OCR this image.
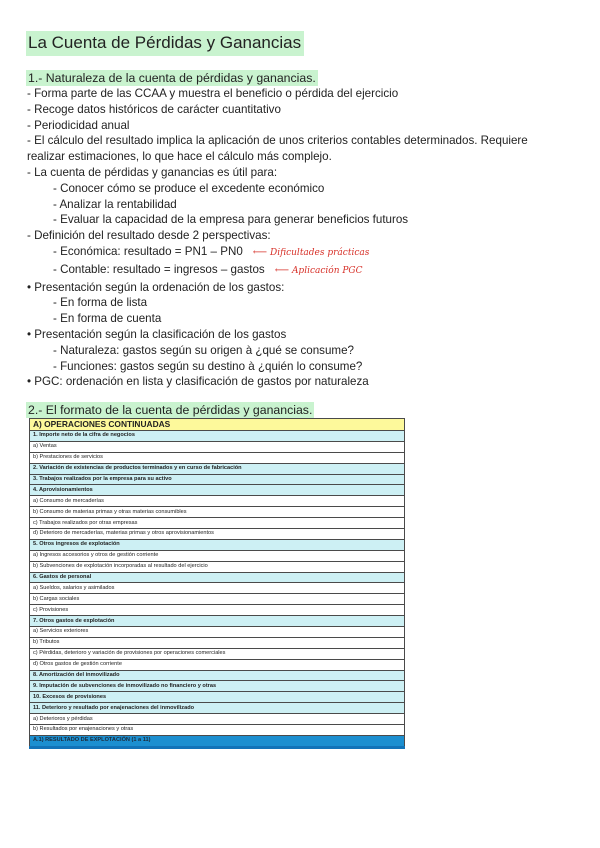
La Cuenta de Pérdidas y Ganancias
1.- Naturaleza de la cuenta de pérdidas y ganancias.
- Forma parte de las CCAA y muestra el beneficio o pérdida del ejercicio
- Recoge datos históricos de carácter cuantitativo
- Periodicidad anual
- El cálculo del resultado implica la aplicación de unos criterios contables determinados. Requiere realizar estimaciones, lo que hace el cálculo más complejo.
- La cuenta de pérdidas y ganancias es útil para:
- Conocer cómo se produce el excedente económico
- Analizar la rentabilidad
- Evaluar la capacidad de la empresa para generar beneficios futuros
- Definición del resultado desde 2 perspectivas:
- Económica: resultado = PN1 – PN0 ⟵ Dificultades prácticas
- Contable: resultado = ingresos – gastos ⟵ Aplicación PGC
• Presentación según la ordenación de los gastos:
- En forma de lista
- En forma de cuenta
• Presentación según la clasificación de los gastos
- Naturaleza: gastos según su origen à ¿qué se consume?
- Funciones: gastos según su destino à ¿quién lo consume?
• PGC: ordenación en lista y clasificación de gastos por naturaleza
2.- El formato de la cuenta de pérdidas y ganancias.
A) OPERACIONES CONTINUADAS
1. Importe neto de la cifra de negocios
a) Ventas
b) Prestaciones de servicios
2. Variación de existencias de productos terminados y en curso de fabricación
3. Trabajos realizados por la empresa para su activo
4. Aprovisionamientos
a) Consumo de mercaderías
b) Consumo de materias primas y otras materias consumibles
c) Trabajos realizados por otras empresas
d) Deterioro de mercaderías, materias primas y otros aprovisionamientos
5. Otros ingresos de explotación
a) Ingresos accesorios y otros de gestión corriente
b) Subvenciones de explotación incorporadas al resultado del ejercicio
6. Gastos de personal
a) Sueldos, salarios y asimilados
b) Cargas sociales
c) Provisiones
7. Otros gastos de explotación
a) Servicios exteriores
b) Tributos
c) Pérdidas, deterioro y variación de provisiones por operaciones comerciales
d) Otros gastos de gestión corriente
8. Amortización del inmovilizado
9. Imputación de subvenciones de inmovilizado no financiero y otras
10. Excesos de provisiones
11. Deterioro y resultado por enajenaciones del inmovilizado
a) Deterioros y pérdidas
b) Resultados por enajenaciones y otras
A.1) RESULTADO DE EXPLOTACIÓN (1 a 11)
